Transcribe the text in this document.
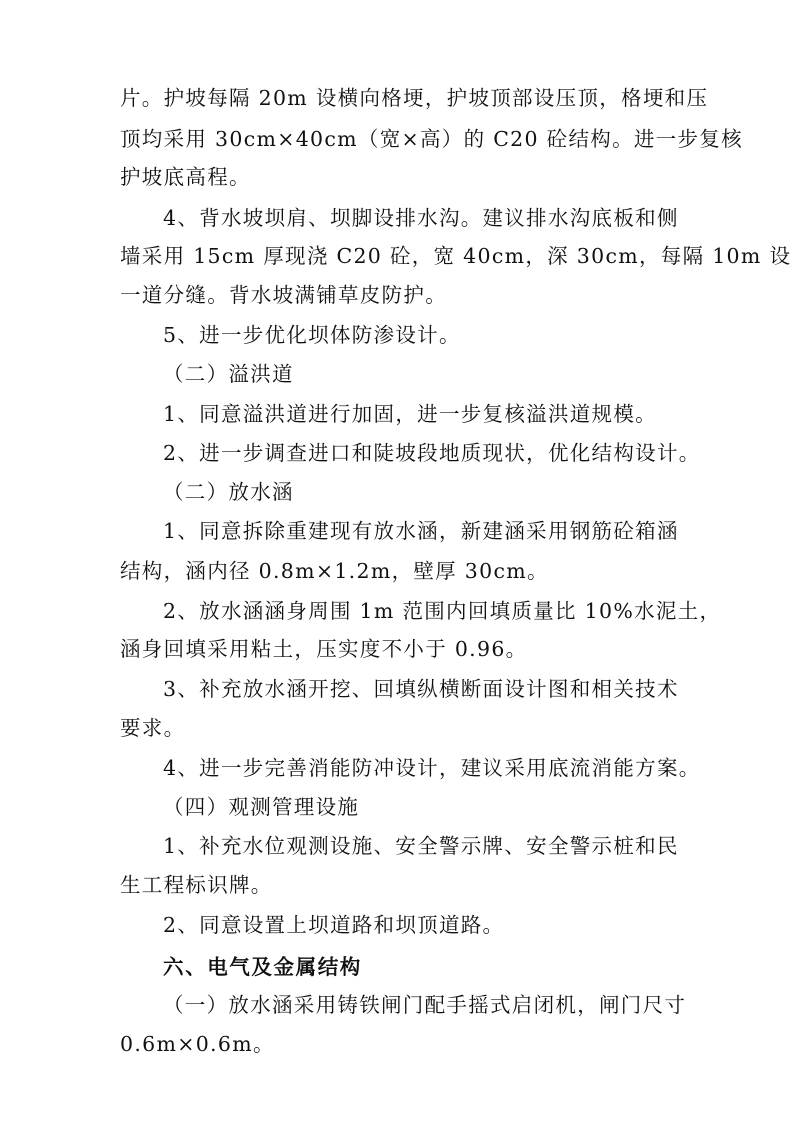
片。护坡每隔 20m 设横向格埂，护坡顶部设压顶，格埂和压
顶均采用 30cm×40cm（宽×高）的 C20 砼结构。进一步复核
护坡底高程。
4、背水坡坝肩、坝脚设排水沟。建议排水沟底板和侧
墙采用 15cm 厚现浇 C20 砼，宽 40cm，深 30cm，每隔 10m 设
一道分缝。背水坡满铺草皮防护。
5、进一步优化坝体防渗设计。
（二）溢洪道
1、同意溢洪道进行加固，进一步复核溢洪道规模。
2、进一步调查进口和陡坡段地质现状，优化结构设计。
（二）放水涵
1、同意拆除重建现有放水涵，新建涵采用钢筋砼箱涵
结构，涵内径 0.8m×1.2m，壁厚 30cm。
2、放水涵涵身周围 1m 范围内回填质量比 10%水泥土，
涵身回填采用粘土，压实度不小于 0.96。
3、补充放水涵开挖、回填纵横断面设计图和相关技术
要求。
4、进一步完善消能防冲设计，建议采用底流消能方案。
（四）观测管理设施
1、补充水位观测设施、安全警示牌、安全警示桩和民
生工程标识牌。
2、同意设置上坝道路和坝顶道路。
六、电气及金属结构
（一）放水涵采用铸铁闸门配手摇式启闭机，闸门尺寸
0.6m×0.6m。
